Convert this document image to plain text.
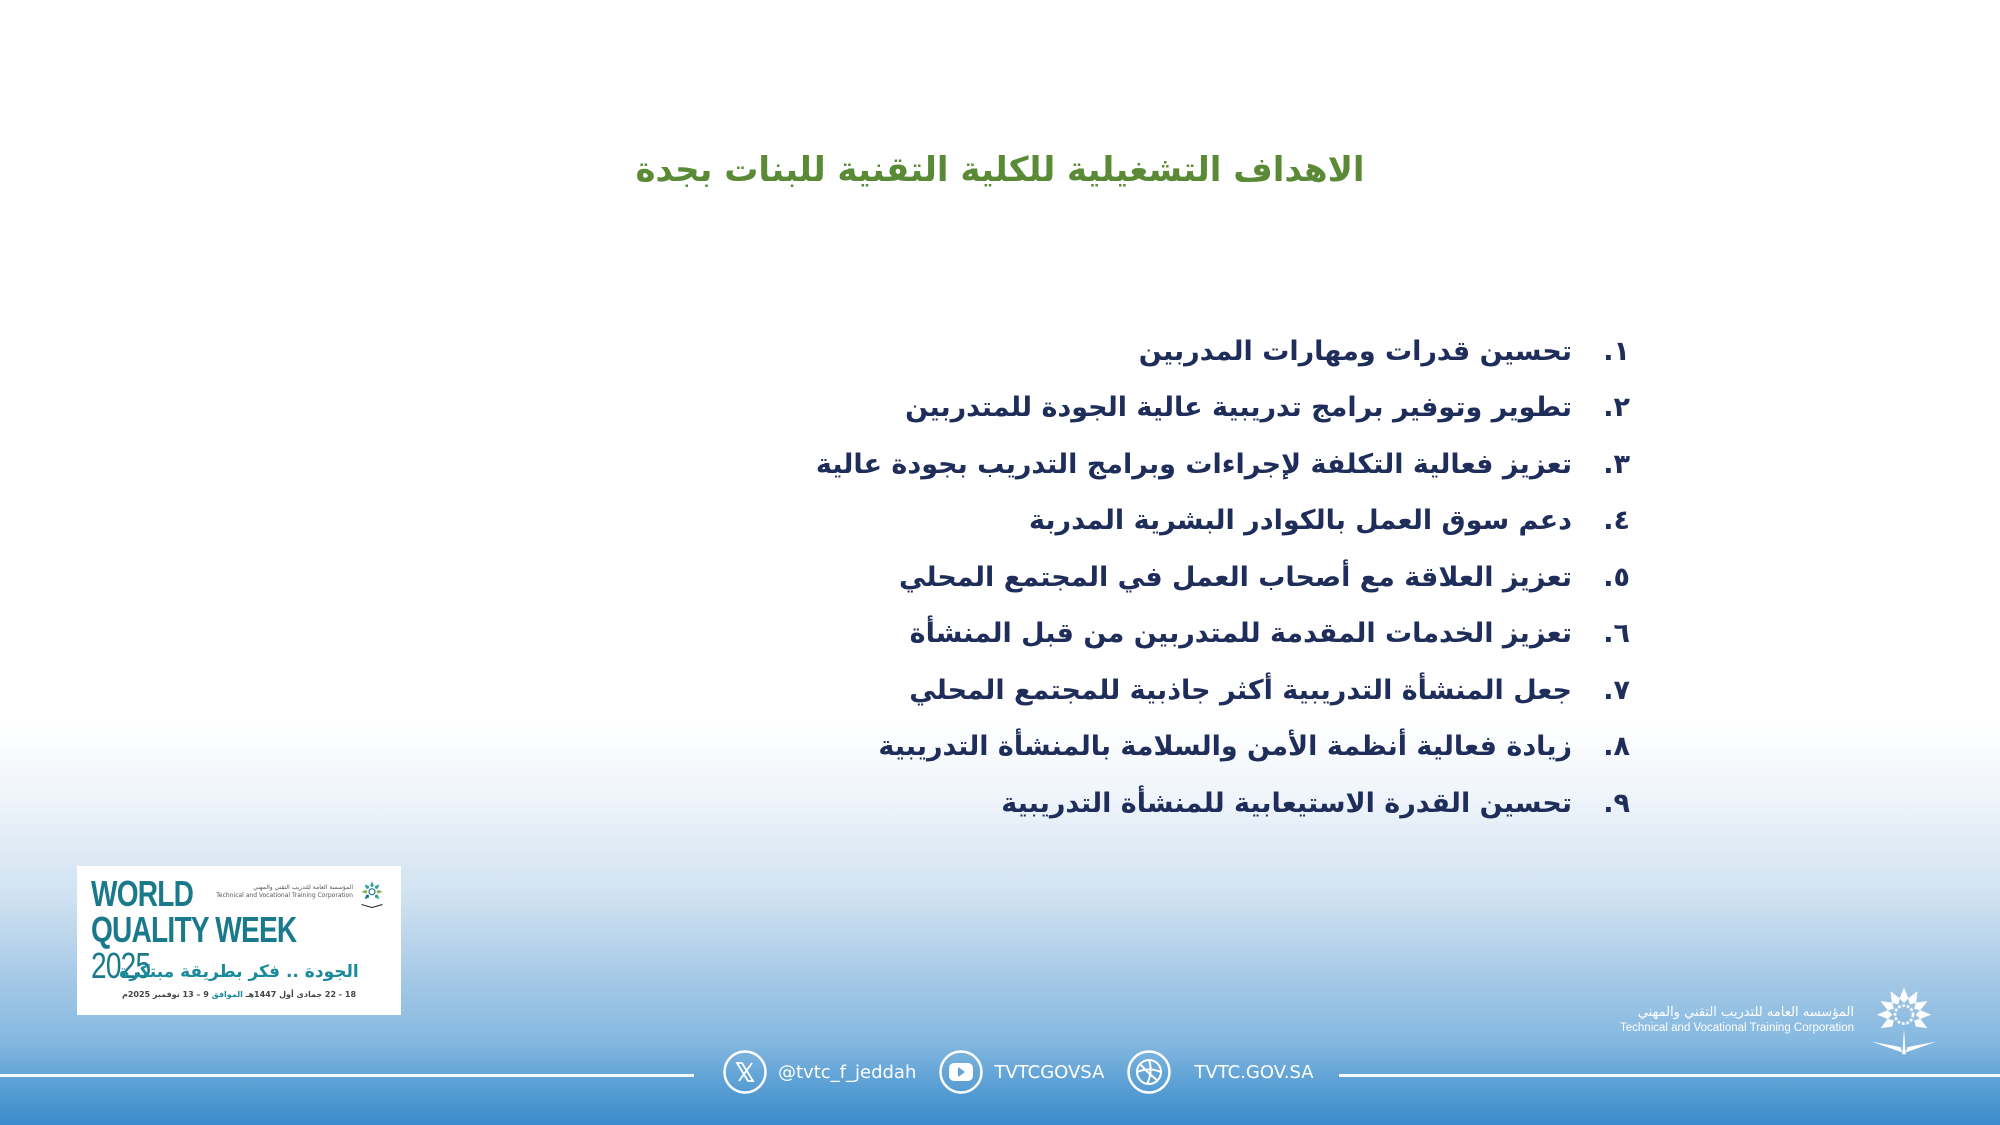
الاهداف التشغيلية للكلية التقنية للبنات بجدة
١.
تحسين قدرات ومهارات المدربين
٢.
تطوير وتوفير برامج تدريبية عالية الجودة للمتدربين
٣.
تعزيز فعالية التكلفة لإجراءات وبرامج التدريب بجودة عالية
٤.
دعم سوق العمل بالكوادر البشرية المدربة
٥.
تعزيز العلاقة مع أصحاب العمل في المجتمع المحلي
٦.
تعزيز الخدمات المقدمة للمتدربين من قبل المنشأة
٧.
جعل المنشأة التدريبية أكثر جاذبية للمجتمع المحلي
٨.
زيادة فعالية أنظمة الأمن والسلامة بالمنشأة التدريبية
٩.
تحسين القدرة الاستيعابية للمنشأة التدريبية
WORLD
QUALITY WEEK 2025
المؤسسة العامة للتدريب التقني والمهني
Technical and Vocational Training Corporation
الجودة .. فكر بطريقة مبتكرة
18 - 22 جمادى أول 1447هـ الموافق 9 – 13 نوفمبر 2025م
المؤسسه العامه للتدريب التقني والمهني
Technical and Vocational Training Corporation
@tvtc_f_jeddah	TVTCGOVSA	TVTC.GOV.SA
